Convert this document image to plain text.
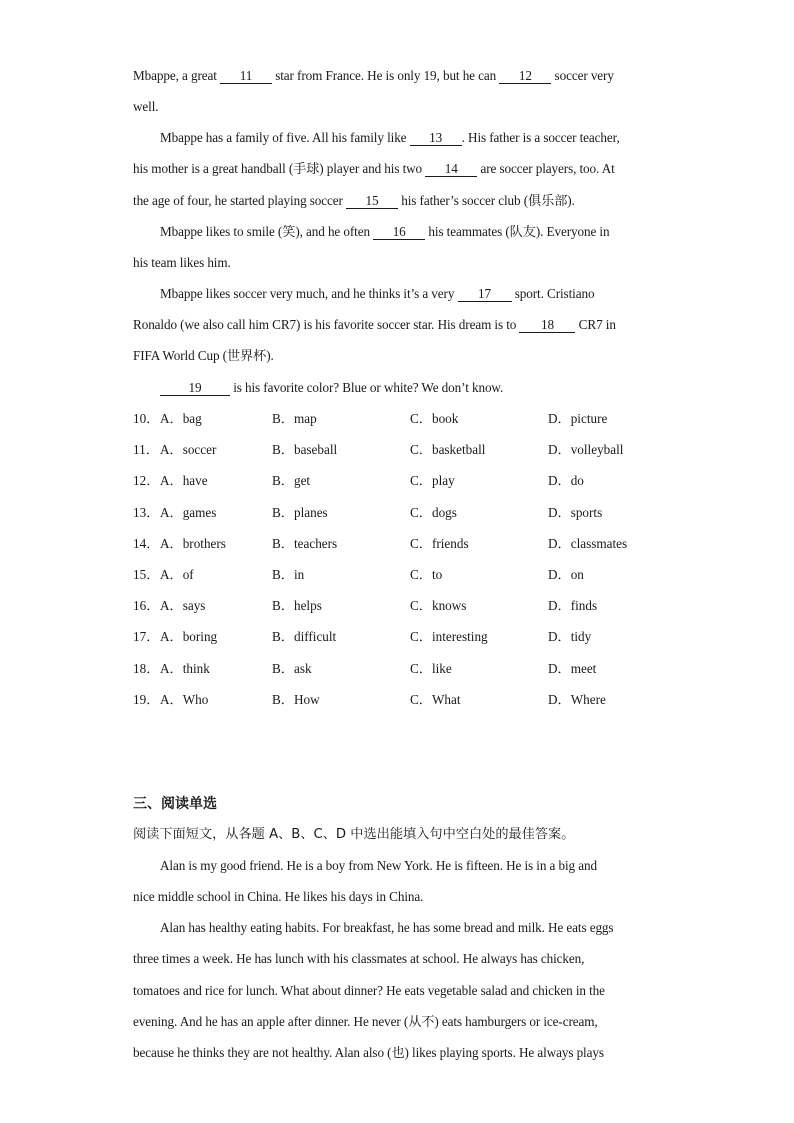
Mbappe, a great 11 star from France. He is only 19, but he can 12 soccer very
well.
Mbappe has a family of five. All his family like 13 . His father is a soccer teacher,
his mother is a great handball (手球) player and his two 14 are soccer players, too. At
the age of four, he started playing soccer 15 his father’s soccer club (俱乐部).
Mbappe likes to smile (笑), and he often 16 his teammates (队友). Everyone in
his team likes him.
Mbappe likes soccer very much, and he thinks it’s a very 17 sport. Cristiano
Ronaldo (we also call him CR7) is his favorite soccer star. His dream is to 18 CR7 in
FIFA World Cup (世界杯).
19 is his favorite color? Blue or white? We don’t know.
10． A．bag	B．map	C．book	D．picture
11． A．soccer	B．baseball	C．basketball	D．volleyball
12． A．have	B．get	C．play	D．do
13． A．games	B．planes	C．dogs	D．sports
14． A．brothers	B．teachers	C．friends	D．classmates
15． A．of	B．in	C．to	D．on
16． A．says	B．helps	C．knows	D．finds
17． A．boring	B．difficult	C．interesting	D．tidy
18． A．think	B．ask	C．like	D．meet
19． A．Who	B．How	C．What	D．Where
三、阅读单选
阅读下面短文，从各题 A、B、C、D 中选出能填入句中空白处的最佳答案。
Alan is my good friend. He is a boy from New York. He is fifteen. He is in a big and
nice middle school in China. He likes his days in China.
Alan has healthy eating habits. For breakfast, he has some bread and milk. He eats eggs
three times a week. He has lunch with his classmates at school. He always has chicken,
tomatoes and rice for lunch. What about dinner? He eats vegetable salad and chicken in the
evening. And he has an apple after dinner. He never (从不) eats hamburgers or ice-cream,
because he thinks they are not healthy. Alan also (也) likes playing sports. He always plays
